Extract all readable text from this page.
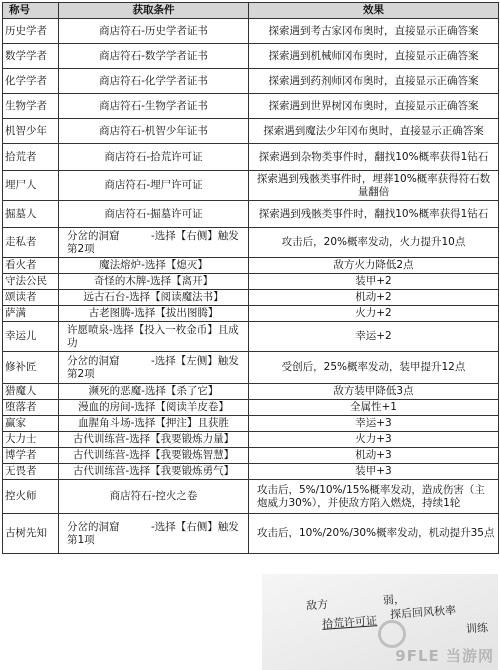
称号	获取条件	效果
历史学者	商店符石-历史学者证书	探索遇到考古家冈布奥时，直接显示正确答案
数学学者	商店符石-数学学者证书	探索遇到机械师冈布奥时，直接显示正确答案
化学学者	商店符石-化学学者证书	探索遇到药剂师冈布奥时，直接显示正确答案
生物学者	商店符石-生物学者证书	探索遇到世界树冈布奥时，直接显示正确答案
机智少年	商店符石-机智少年证书	探索遇到魔法少年冈布奥时，直接显示正确答案
拾荒者	商店符石-拾荒许可证	探索遇到杂物类事件时，翻找10%概率获得1钻石
埋尸人	商店符石-埋尸许可证	探索遇到残骸类事件时，埋葬10%概率获得符石数量翻倍
掘墓人	商店符石-掘墓许可证	探索遇到残骸类事件时，翻找10%概率获得1钻石
走私者	分岔的洞窟　　　-选择【右侧】触发第2项	攻击后，20%概率发动，火力提升10点
看火者	魔法熔炉-选择【熄灭】	敌方火力降低2点
守法公民	奇怪的木牌-选择【离开】	装甲+2
颂读者	远古石台-选择【阅读魔法书】	机动+2
萨满	古老图腾-选择【拔出图腾】	火力+2
幸运儿	许愿喷泉-选择【投入一枚金币】且成功	幸运+2
修补匠	分岔的洞窟　　　-选择【左侧】触发第2项	受创后，25%概率发动，装甲提升12点
猎魔人	濒死的恶魔-选择【杀了它】	敌方装甲降低3点
堕落者	漫血的房间-选择【阅读羊皮卷】	全属性+1
赢家	血腥角斗场-选择【押注】且获胜	幸运+3
大力士	古代训练营-选择【我要锻炼力量】	火力+3
博学者	古代训练营-选择【我要锻炼智慧】	机动+3
无畏者	古代训练营-选择【我要锻炼勇气】	装甲+3
控火师	商店符石-控火之卷	攻击后，5%/10%/15%概率发动，造成伤害（主炮威力30%），并使敌方陷入燃烧，持续1轮
古树先知	分岔的洞窟　　　-选择【右侧】触发第1项	攻击后，10%/20%/30%概率发动，机动提升35点
敌方　　　　　弱，
拾荒许可证
探后回风秋率
训练
9FLE 当游网
